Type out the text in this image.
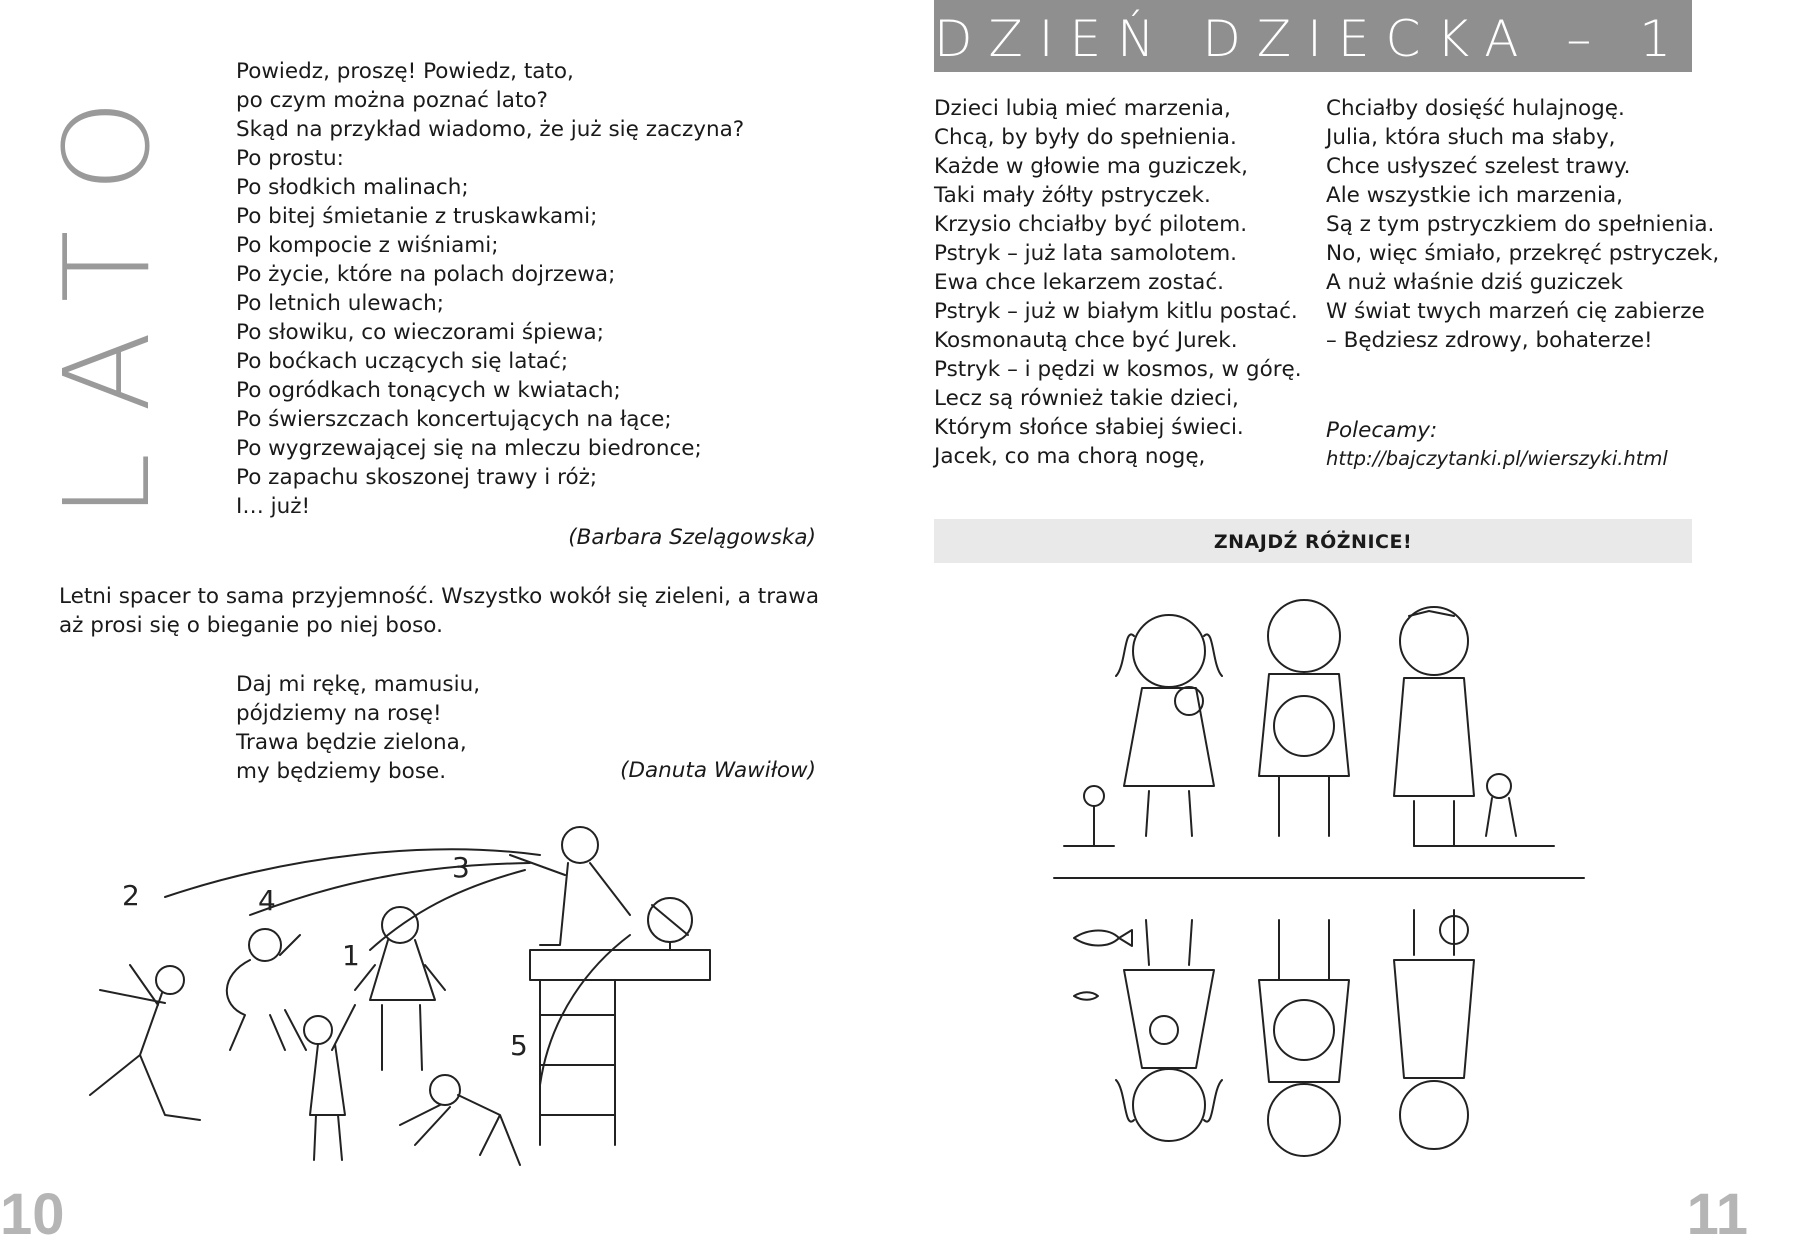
LATO	Powiedz, proszę! Powiedz, tato,
po czym można poznać lato?
Skąd na przykład wiadomo, że już się zaczyna?
Po prostu:
Po słodkich malinach;
Po bitej śmietanie z truskawkami;
Po kompocie z wiśniami;
Po życie, które na polach dojrzewa;
Po letnich ulewach;
Po słowiku, co wieczorami śpiewa;
Po boćkach uczących się latać;
Po ogródkach tonących w kwiatach;
Po świerszczach koncertujących na łące;
Po wygrzewającej się na mleczu biedronce;
Po zapachu skoszonej trawy i róż;
I… już!
(Barbara Szelągowska)
Letni spacer to sama przyjemność. Wszystko wokół się zieleni, a trawa aż prosi się o bieganie po niej boso.
Daj mi rękę, mamusiu,
pójdziemy na rosę!
Trawa będzie zielona,
my będziemy bose.	(Danuta Wawiłow)
2	4
3
1
5
10
DZIEŃ DZIECKA – 1.6.
Dzieci lubią mieć marzenia,
Chcą, by były do spełnienia.
Każde w głowie ma guziczek,
Taki mały żółty pstryczek.
Krzysio chciałby być pilotem.
Pstryk – już lata samolotem.
Ewa chce lekarzem zostać.
Pstryk – już w białym kitlu postać.
Kosmonautą chce być Jurek.
Pstryk – i pędzi w kosmos, w górę.
Lecz są również takie dzieci,
Którym słońce słabiej świeci.
Jacek, co ma chorą nogę,
Chciałby dosięść hulajnogę.
Julia, która słuch ma słaby,
Chce usłyszeć szelest trawy.
Ale wszystkie ich marzenia,
Są z tym pstryczkiem do spełnienia.
No, więc śmiało, przekręć pstryczek,
A nuż właśnie dziś guziczek
W świat twych marzeń cię zabierze
– Będziesz zdrowy, bohaterze!
Polecamy:
http://bajczytanki.pl/wierszyki.html
ZNAJDŹ RÓŻNICE!
11
